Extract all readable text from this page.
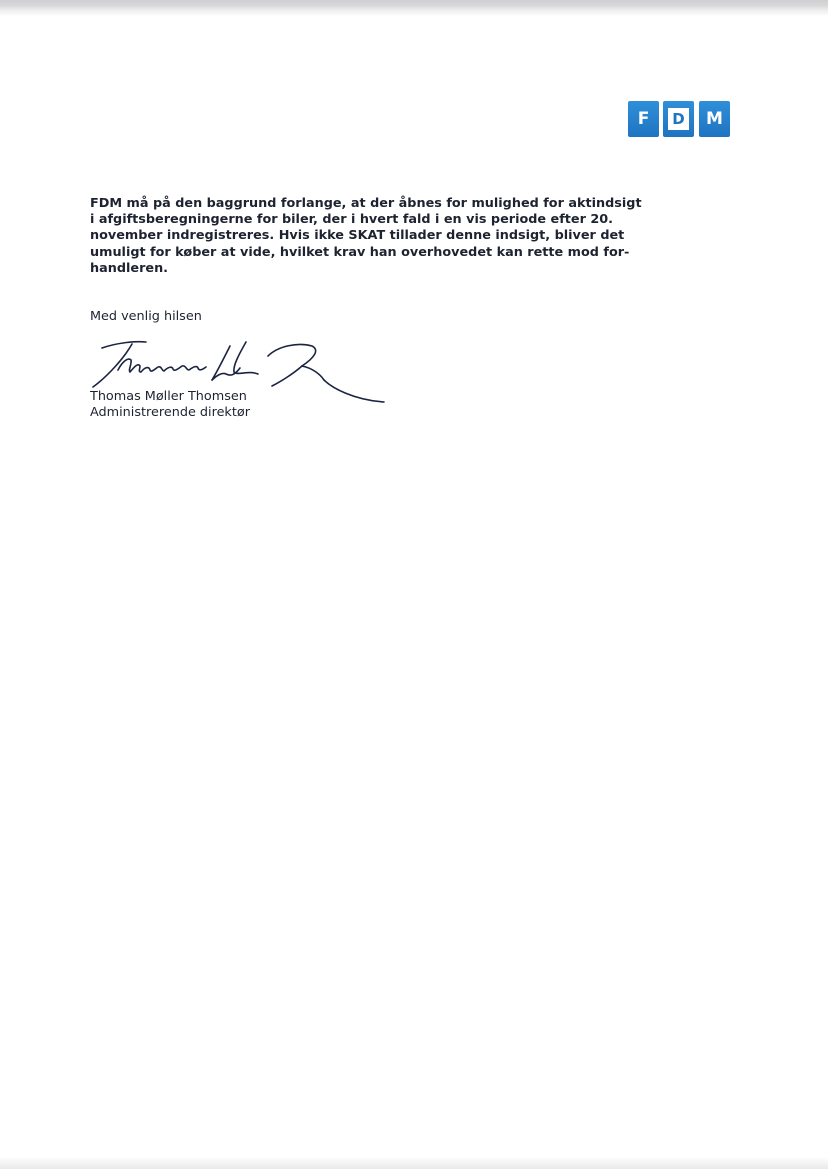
F	D	M

FDM må på den baggrund forlange, at der åbnes for mulighed for aktindsigt
i afgiftsberegningerne for biler, der i hvert fald i en vis periode efter 20.
november indregistreres. Hvis ikke SKAT tillader denne indsigt, bliver det
umuligt for køber at vide, hvilket krav han overhovedet kan rette mod for-
handleren.

Med venlig hilsen

Thomas Møller Thomsen

Administrerende direktør
